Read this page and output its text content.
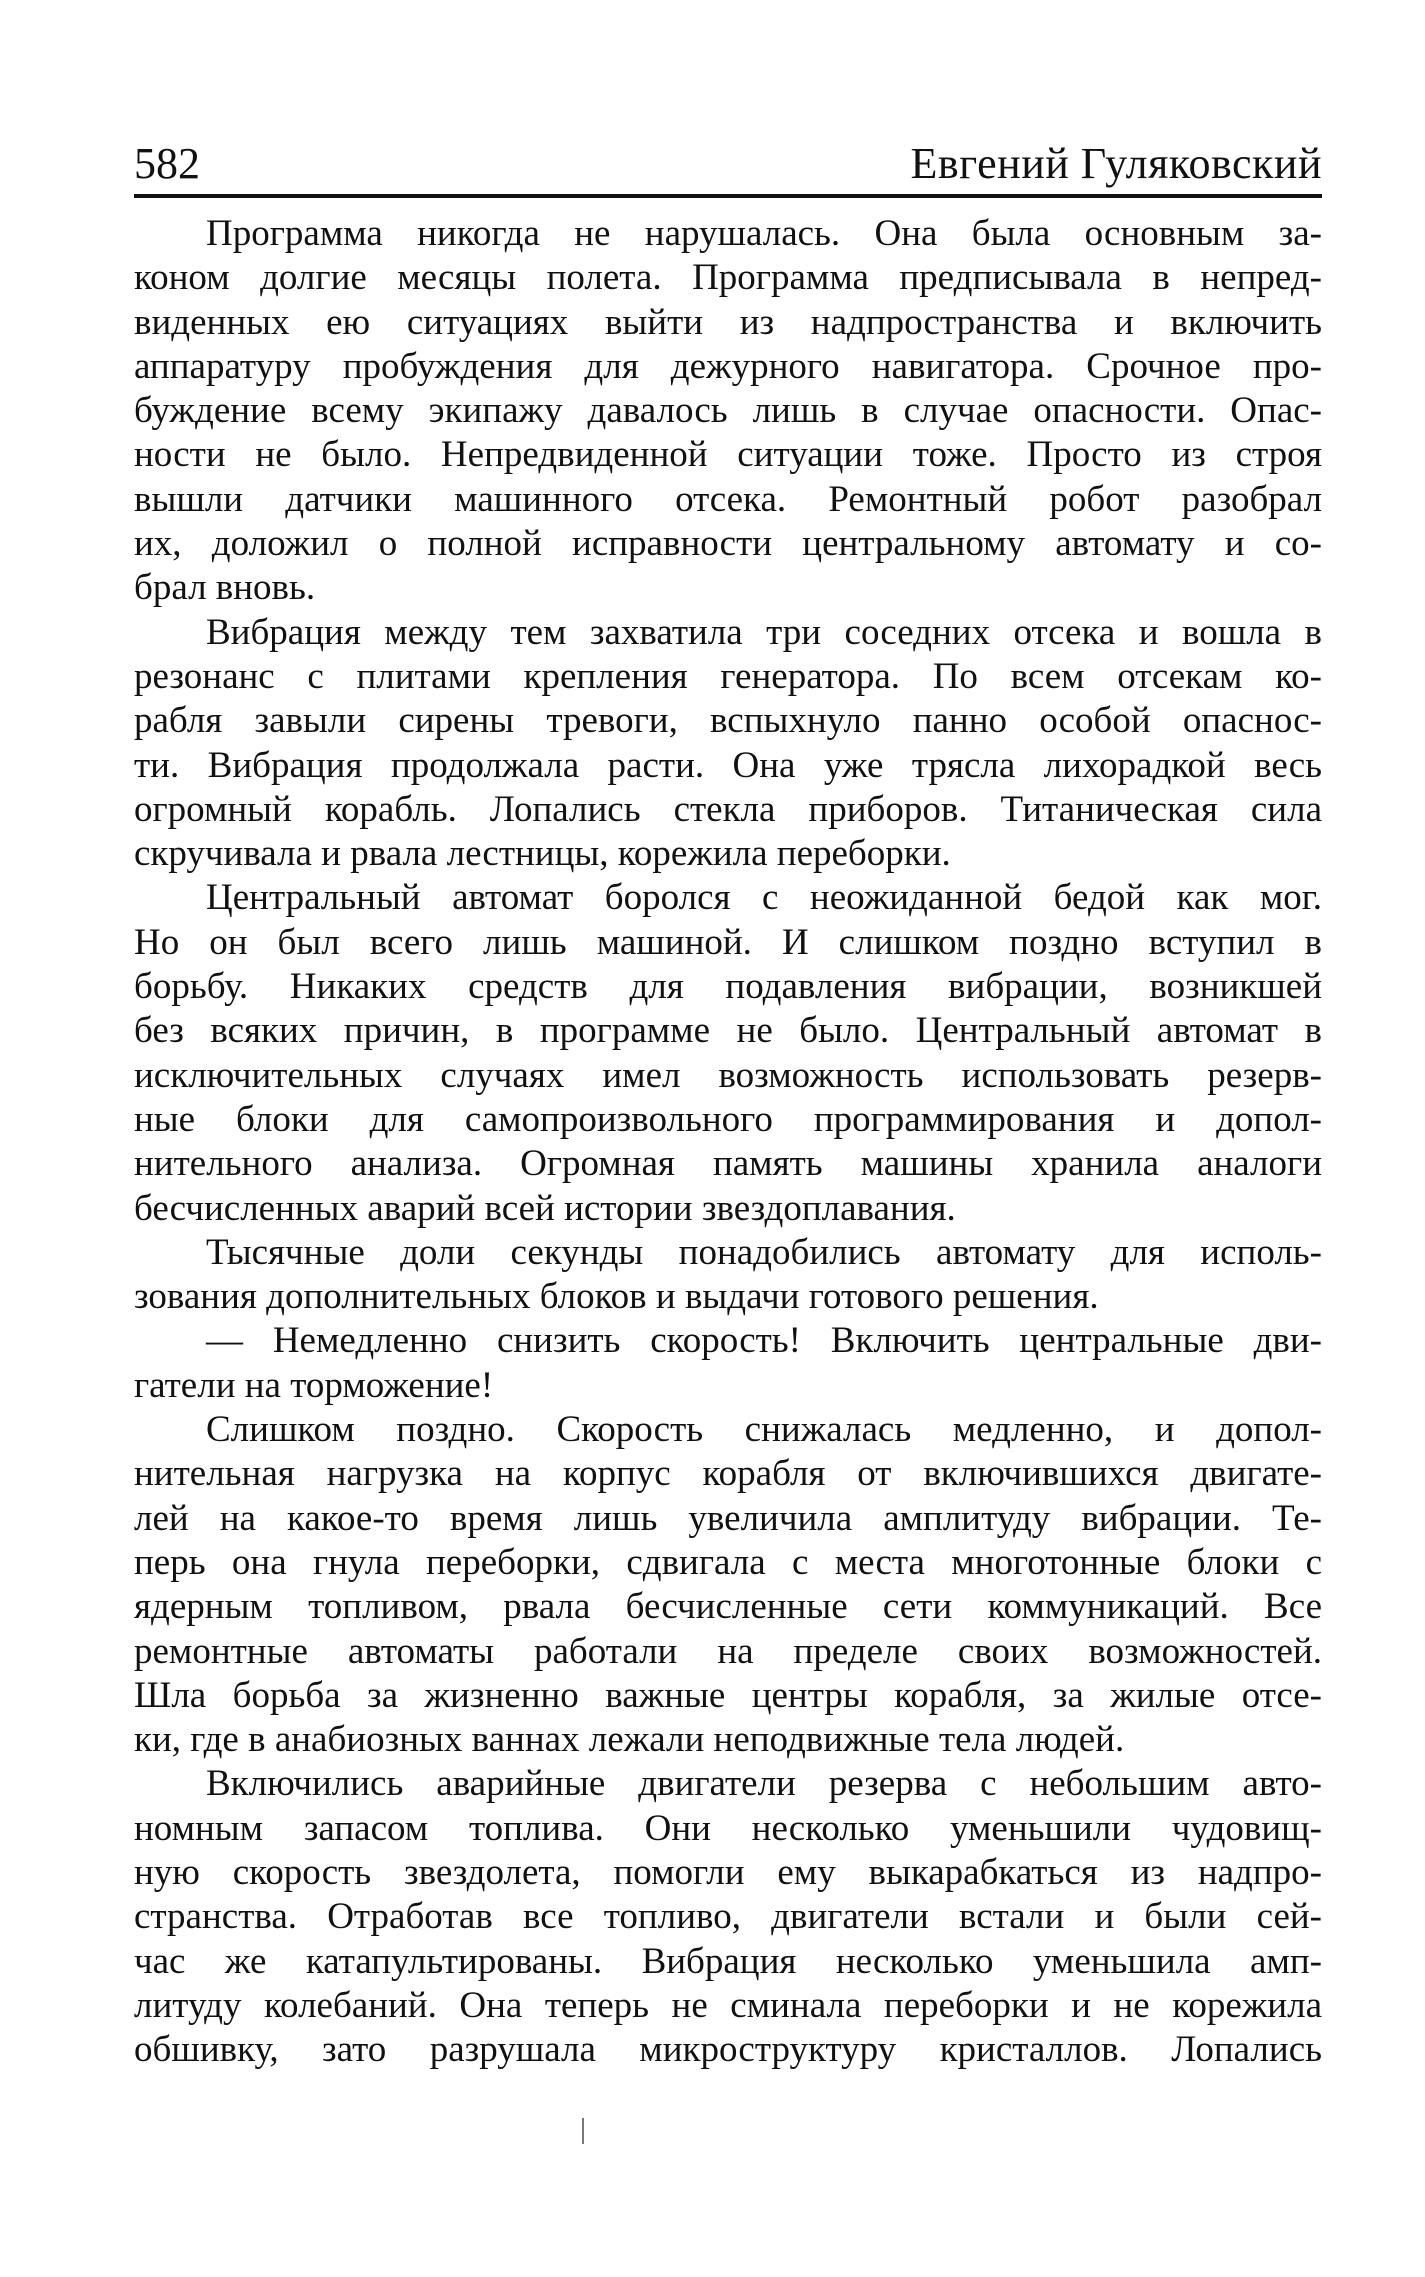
582	Евгений Гуляковский

Программа никогда не нарушалась. Она была основным за-
коном долгие месяцы полета. Программа предписывала в непред-
виденных ею ситуациях выйти из надпространства и включить
аппаратуру пробуждения для дежурного навигатора. Срочное про-
буждение всему экипажу давалось лишь в случае опасности. Опас-
ности не было. Непредвиденной ситуации тоже. Просто из строя
вышли датчики машинного отсека. Ремонтный робот разобрал
их, доложил о полной исправности центральному автомату и со-
брал вновь.

Вибрация между тем захватила три соседних отсека и вошла в
резонанс с плитами крепления генератора. По всем отсекам ко-
рабля завыли сирены тревоги, вспыхнуло панно особой опаснос-
ти. Вибрация продолжала расти. Она уже трясла лихорадкой весь
огромный корабль. Лопались стекла приборов. Титаническая сила
скручивала и рвала лестницы, корежила переборки.

Центральный автомат боролся с неожиданной бедой как мог.
Но он был всего лишь машиной. И слишком поздно вступил в
борьбу. Никаких средств для подавления вибрации, возникшей
без всяких причин, в программе не было. Центральный автомат в
исключительных случаях имел возможность использовать резерв-
ные блоки для самопроизвольного программирования и допол-
нительного анализа. Огромная память машины хранила аналоги
бесчисленных аварий всей истории звездоплавания.

Тысячные доли секунды понадобились автомату для исполь-
зования дополнительных блоков и выдачи готового решения.

— Немедленно снизить скорость! Включить центральные дви-
гатели на торможение!

Слишком поздно. Скорость снижалась медленно, и допол-
нительная нагрузка на корпус корабля от включившихся двигате-
лей на какое-то время лишь увеличила амплитуду вибрации. Те-
перь она гнула переборки, сдвигала с места многотонные блоки с
ядерным топливом, рвала бесчисленные сети коммуникаций. Все
ремонтные автоматы работали на пределе своих возможностей.
Шла борьба за жизненно важные центры корабля, за жилые отсе-
ки, где в анабиозных ваннах лежали неподвижные тела людей.

Включились аварийные двигатели резерва с небольшим авто-
номным запасом топлива. Они несколько уменьшили чудовищ-
ную скорость звездолета, помогли ему выкарабкаться из надпро-
странства. Отработав все топливо, двигатели встали и были сей-
час же катапультированы. Вибрация несколько уменьшила амп-
литуду колебаний. Она теперь не сминала переборки и не корежила
обшивку, зато разрушала микроструктуру кристаллов. Лопались
